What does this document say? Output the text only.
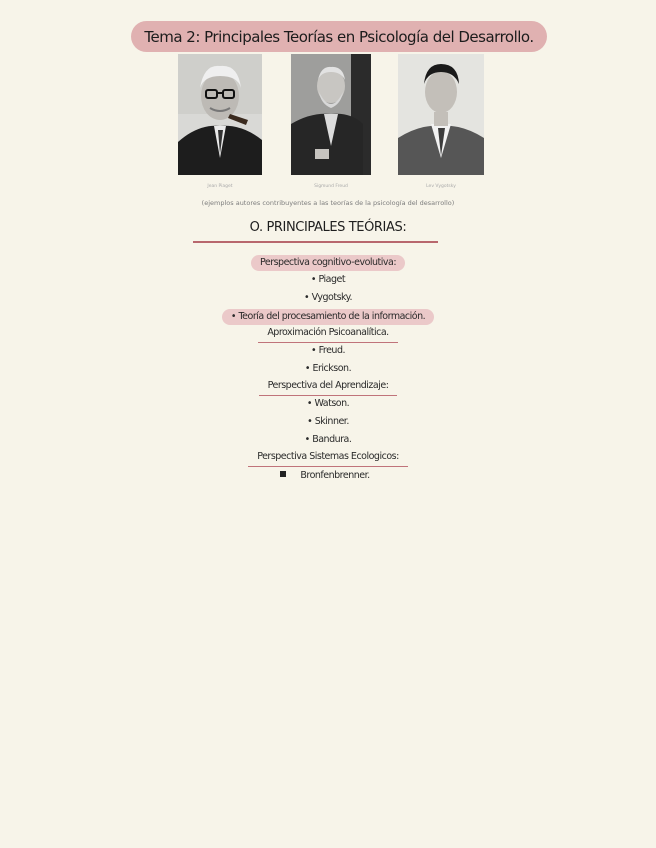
Tema 2: Principales Teorías en Psicología del Desarrollo.
Jean Piaget	Sigmund Freud	Lev Vygotsky
(ejemplos autores contribuyentes a las teorías de la psicología del desarrollo)
O. PRINCIPALES TEÓRIAS:
Perspectiva cognitivo-evolutiva:
• Piaget
• Vygotsky.
• Teoría del procesamiento de la información.
Aproximación Psicoanalítica.
• Freud.
• Erickson.
Perspectiva del Aprendizaje:
• Watson.
• Skinner.
• Bandura.
Perspectiva Sistemas Ecologicos:
Bronfenbrenner.
